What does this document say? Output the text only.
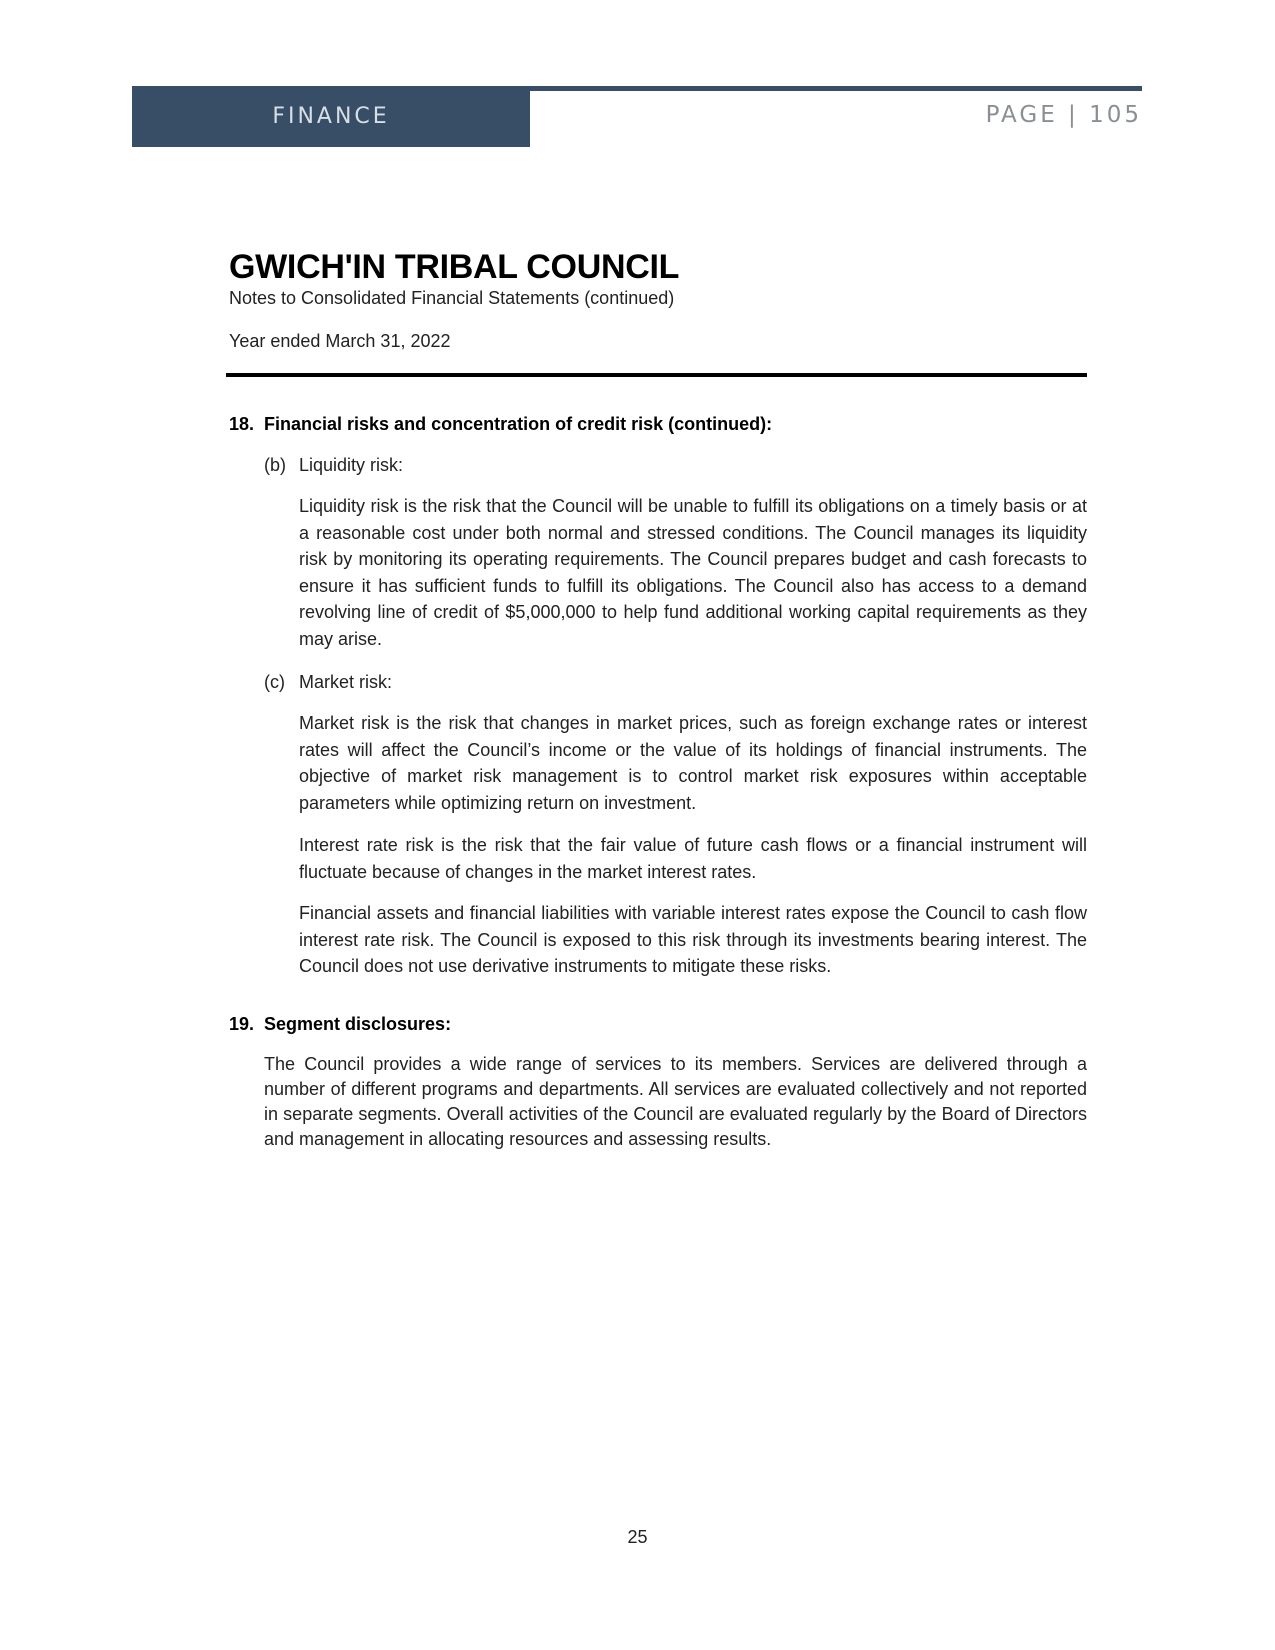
FINANCE	PAGE | 105
GWICH'IN TRIBAL COUNCIL
Notes to Consolidated Financial Statements (continued)
Year ended March 31, 2022
18. Financial risks and concentration of credit risk (continued):
(b) Liquidity risk:

Liquidity risk is the risk that the Council will be unable to fulfill its obligations on a timely basis or at a reasonable cost under both normal and stressed conditions. The Council manages its liquidity risk by monitoring its operating requirements. The Council prepares budget and cash forecasts to ensure it has sufficient funds to fulfill its obligations. The Council also has access to a demand revolving line of credit of $5,000,000 to help fund additional working capital requirements as they may arise.

(c) Market risk:

Market risk is the risk that changes in market prices, such as foreign exchange rates or interest rates will affect the Council’s income or the value of its holdings of financial instruments. The objective of market risk management is to control market risk exposures within acceptable parameters while optimizing return on investment.

Interest rate risk is the risk that the fair value of future cash flows or a financial instrument will fluctuate because of changes in the market interest rates.

Financial assets and financial liabilities with variable interest rates expose the Council to cash flow interest rate risk. The Council is exposed to this risk through its investments bearing interest. The Council does not use derivative instruments to mitigate these risks.

19. Segment disclosures:

The Council provides a wide range of services to its members. Services are delivered through a number of different programs and departments. All services are evaluated collectively and not reported in separate segments. Overall activities of the Council are evaluated regularly by the Board of Directors and management in allocating resources and assessing results.

25
